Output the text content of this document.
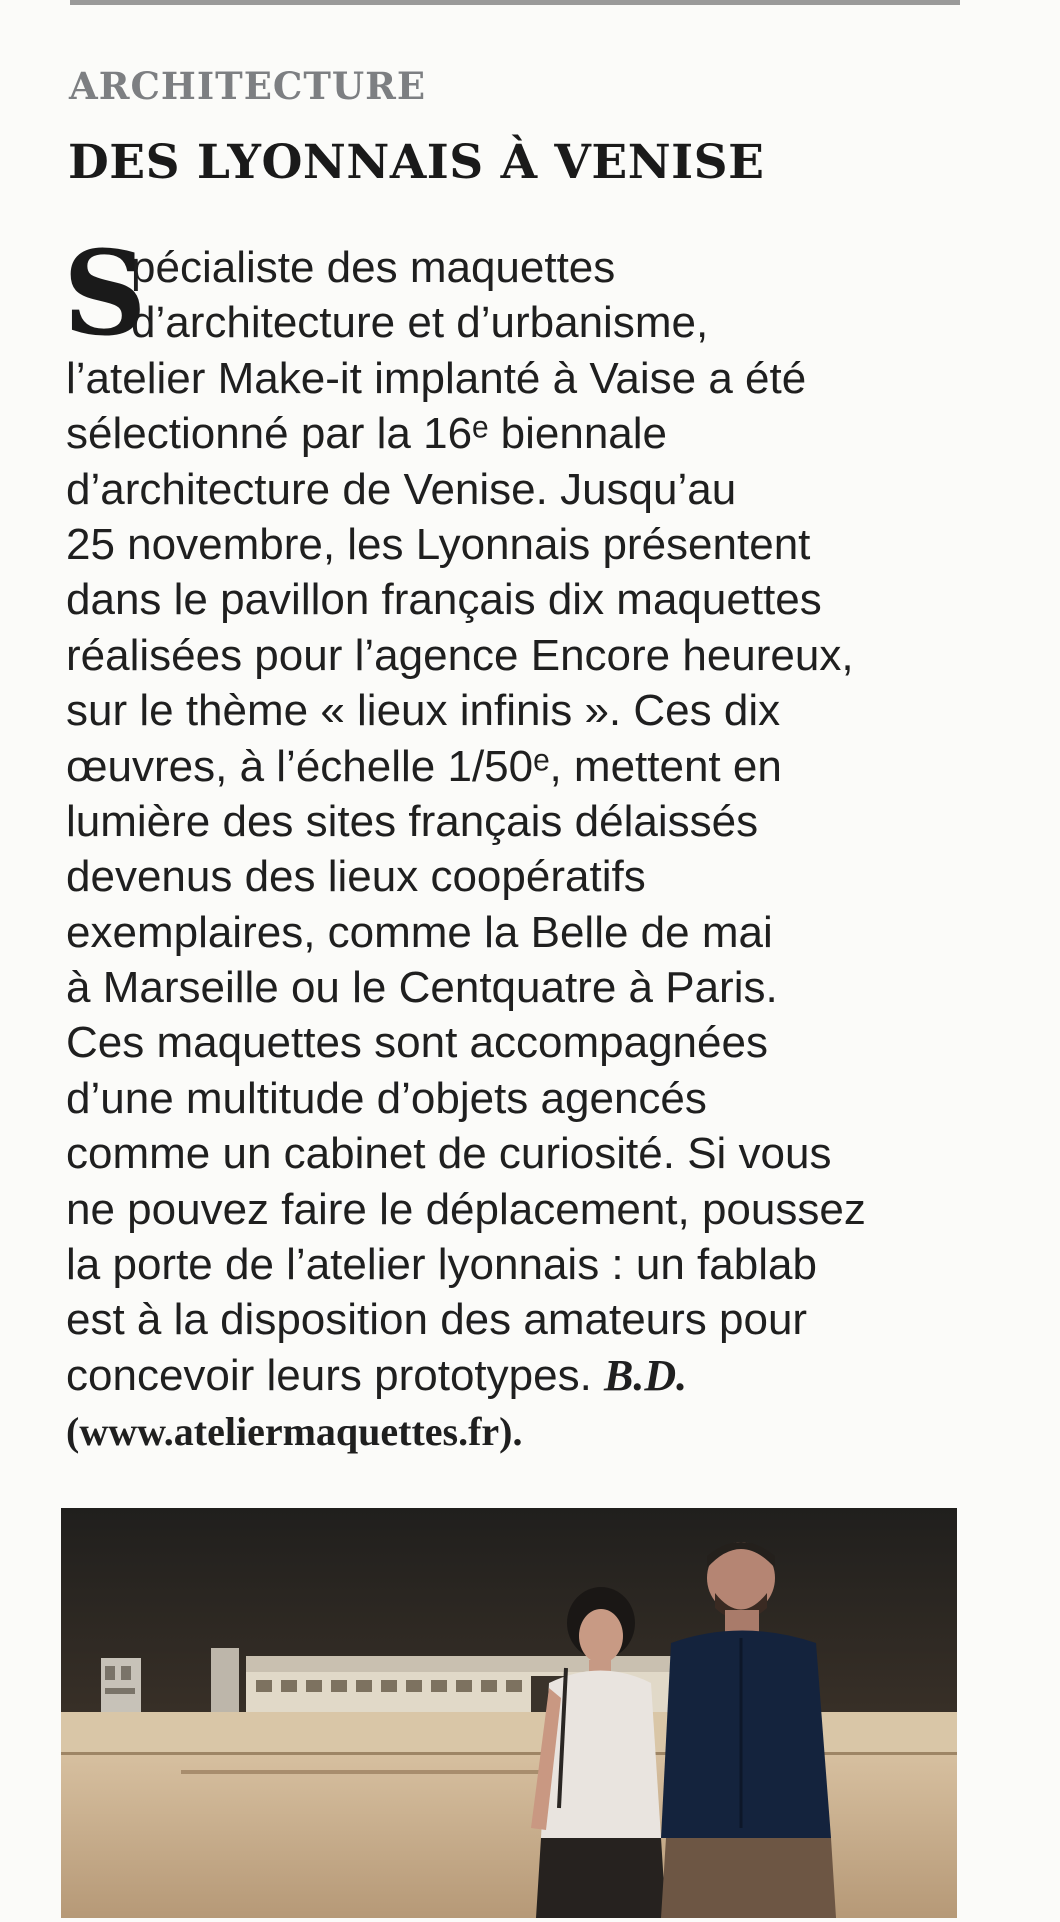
ARCHITECTURE
DES LYONNAIS À VENISE
S
pécialiste des maquettes
d’architecture et d’urbanisme,
l’atelier Make-it implanté à Vaise a été
sélectionné par la 16ᵉ biennale
d’architecture de Venise. Jusqu’au
25 novembre, les Lyonnais présentent
dans le pavillon français dix maquettes
réalisées pour l’agence Encore heureux,
sur le thème « lieux infinis ». Ces dix
œuvres, à l’échelle 1/50ᵉ, mettent en
lumière des sites français délaissés
devenus des lieux coopératifs
exemplaires, comme la Belle de mai
à Marseille ou le Centquatre à Paris.
Ces maquettes sont accompagnées
d’une multitude d’objets agencés
comme un cabinet de curiosité. Si vous
ne pouvez faire le déplacement, poussez
la porte de l’atelier lyonnais : un fablab
est à la disposition des amateurs pour
concevoir leurs prototypes. B.D.
(www.ateliermaquettes.fr).
